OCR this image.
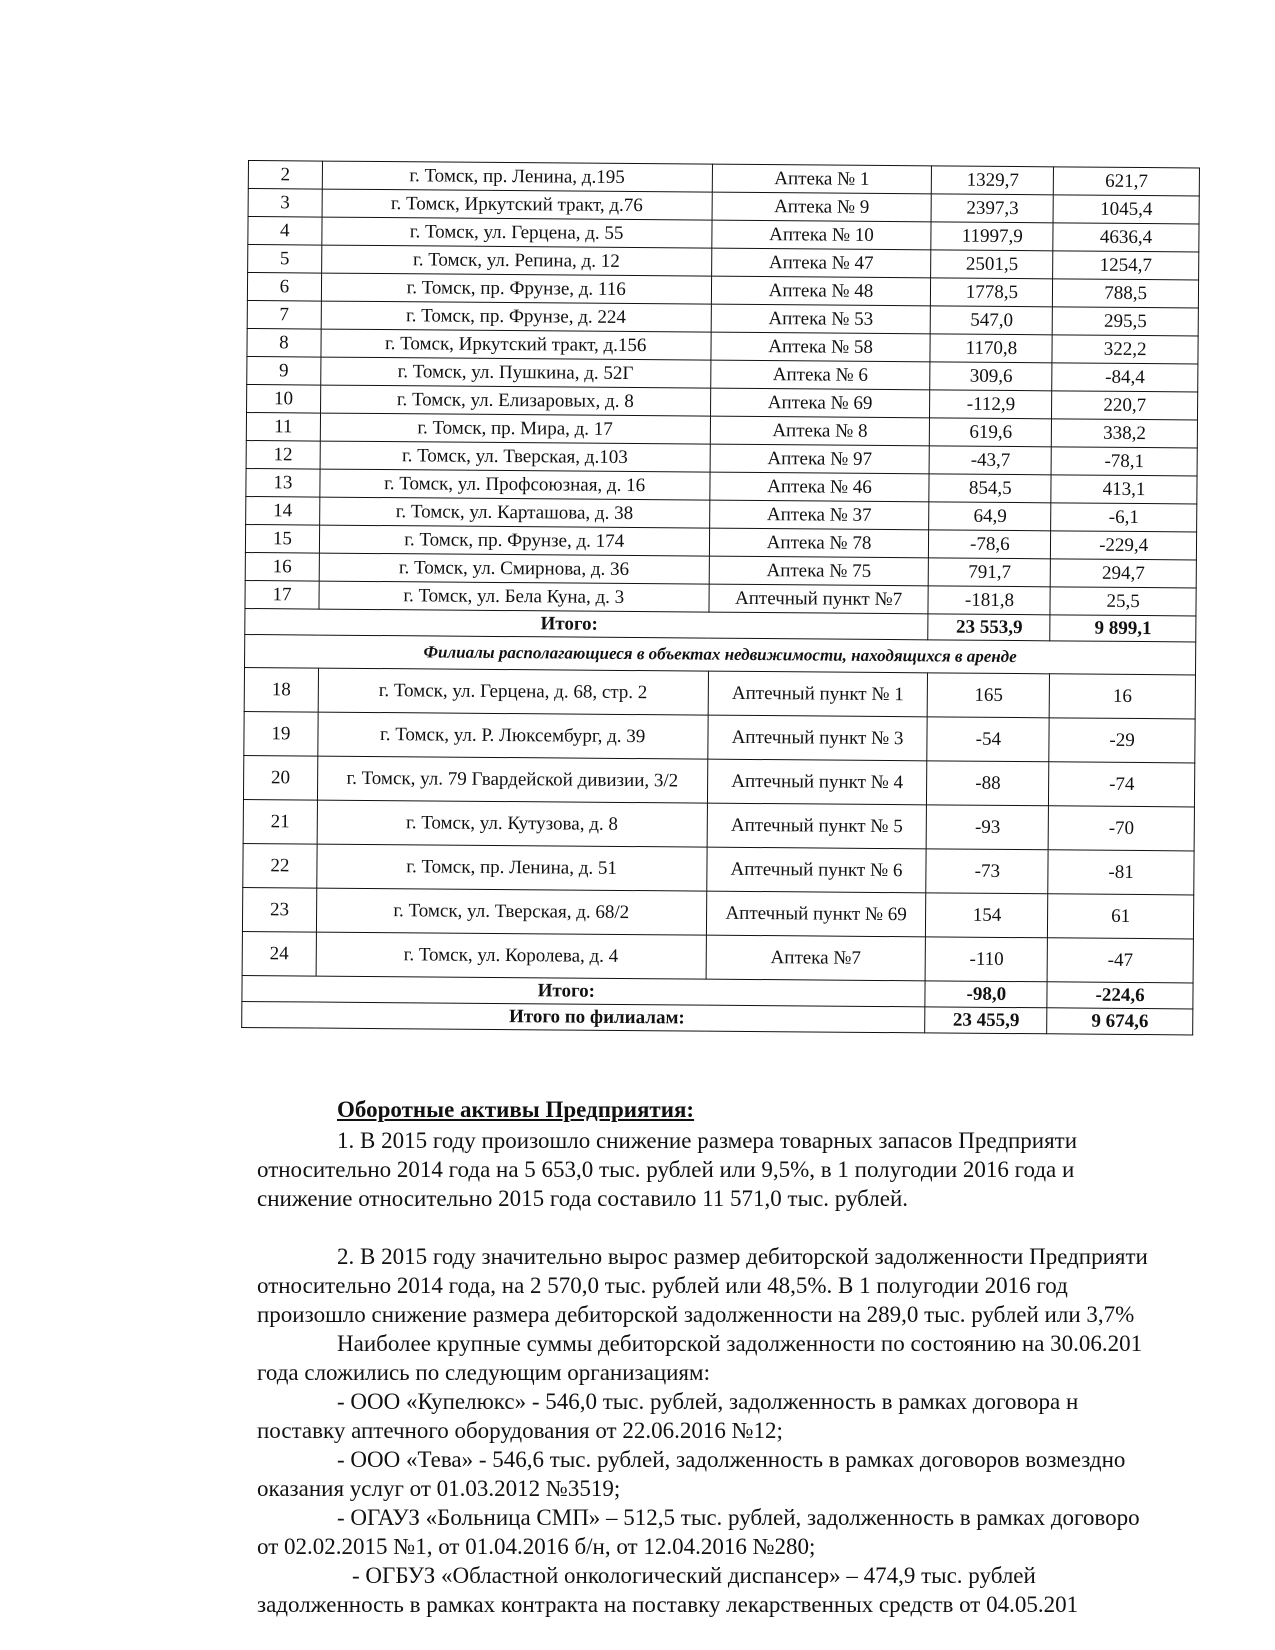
2	г. Томск, пр. Ленина, д.195	Аптека № 1	1329,7	621,7
3	г. Томск, Иркутский тракт, д.76	Аптека № 9	2397,3	1045,4
4	г. Томск, ул. Герцена, д. 55	Аптека № 10	11997,9	4636,4
5	г. Томск, ул. Репина, д. 12	Аптека № 47	2501,5	1254,7
6	г. Томск, пр. Фрунзе, д. 116	Аптека № 48	1778,5	788,5
7	г. Томск, пр. Фрунзе, д. 224	Аптека № 53	547,0	295,5
8	г. Томск, Иркутский тракт, д.156	Аптека № 58	1170,8	322,2
9	г. Томск, ул. Пушкина, д. 52Г	Аптека № 6	309,6	-84,4
10	г. Томск, ул. Елизаровых, д. 8	Аптека № 69	-112,9	220,7
11	г. Томск, пр. Мира, д. 17	Аптека № 8	619,6	338,2
12	г. Томск, ул. Тверская, д.103	Аптека № 97	-43,7	-78,1
13	г. Томск, ул. Профсоюзная, д. 16	Аптека № 46	854,5	413,1
14	г. Томск, ул. Карташова, д. 38	Аптека № 37	64,9	-6,1
15	г. Томск, пр. Фрунзе, д. 174	Аптека № 78	-78,6	-229,4
16	г. Томск, ул. Смирнова, д. 36	Аптека № 75	791,7	294,7
17	г. Томск, ул. Бела Куна, д. 3	Аптечный пункт №7	-181,8	25,5
Итого:			23 553,9	9 899,1
Филиалы располагающиеся в объектах недвижимости, находящихся в аренде				
18	г. Томск, ул. Герцена, д. 68, стр. 2	Аптечный пункт № 1	165	16
19	г. Томск, ул. Р. Люксембург, д. 39	Аптечный пункт № 3	-54	-29
20	г. Томск, ул. 79 Гвардейской дивизии, 3/2	Аптечный пункт № 4	-88	-74
21	г. Томск, ул. Кутузова, д. 8	Аптечный пункт № 5	-93	-70
22	г. Томск, пр. Ленина, д. 51	Аптечный пункт № 6	-73	-81
23	г. Томск, ул. Тверская, д. 68/2	Аптечный пункт № 69	154	61
24	г. Томск, ул. Королева, д. 4	Аптека №7	-110	-47
Итого:			-98,0	-224,6
Итого по филиалам:			23 455,9	9 674,6
Оборотные активы Предприятия:

1. В 2015 году произошло снижение размера товарных запасов Предприяти

относительно 2014 года на 5 653,0 тыс. рублей или 9,5%, в 1 полугодии 2016 года и

снижение относительно 2015 года составило 11 571,0 тыс. рублей.

2. В 2015 году значительно вырос размер дебиторской задолженности Предприяти

относительно 2014 года, на 2 570,0 тыс. рублей или 48,5%. В 1 полугодии 2016 год

произошло снижение размера дебиторской задолженности на 289,0 тыс. рублей или 3,7%

Наиболее крупные суммы дебиторской задолженности по состоянию на 30.06.201

года сложились по следующим организациям:

- ООО «Купелюкс» - 546,0 тыс. рублей, задолженность в рамках договора н

поставку аптечного оборудования от 22.06.2016 №12;

- ООО «Тева» - 546,6 тыс. рублей, задолженность в рамках договоров возмездно

оказания услуг от 01.03.2012 №3519;

- ОГАУЗ «Больница СМП» – 512,5 тыс. рублей, задолженность в рамках договоро

от 02.02.2015 №1, от 01.04.2016 б/н, от 12.04.2016 №280;

- ОГБУЗ «Областной онкологический диспансер» – 474,9 тыс. рублей

задолженность в рамках контракта на поставку лекарственных средств от 04.05.201
